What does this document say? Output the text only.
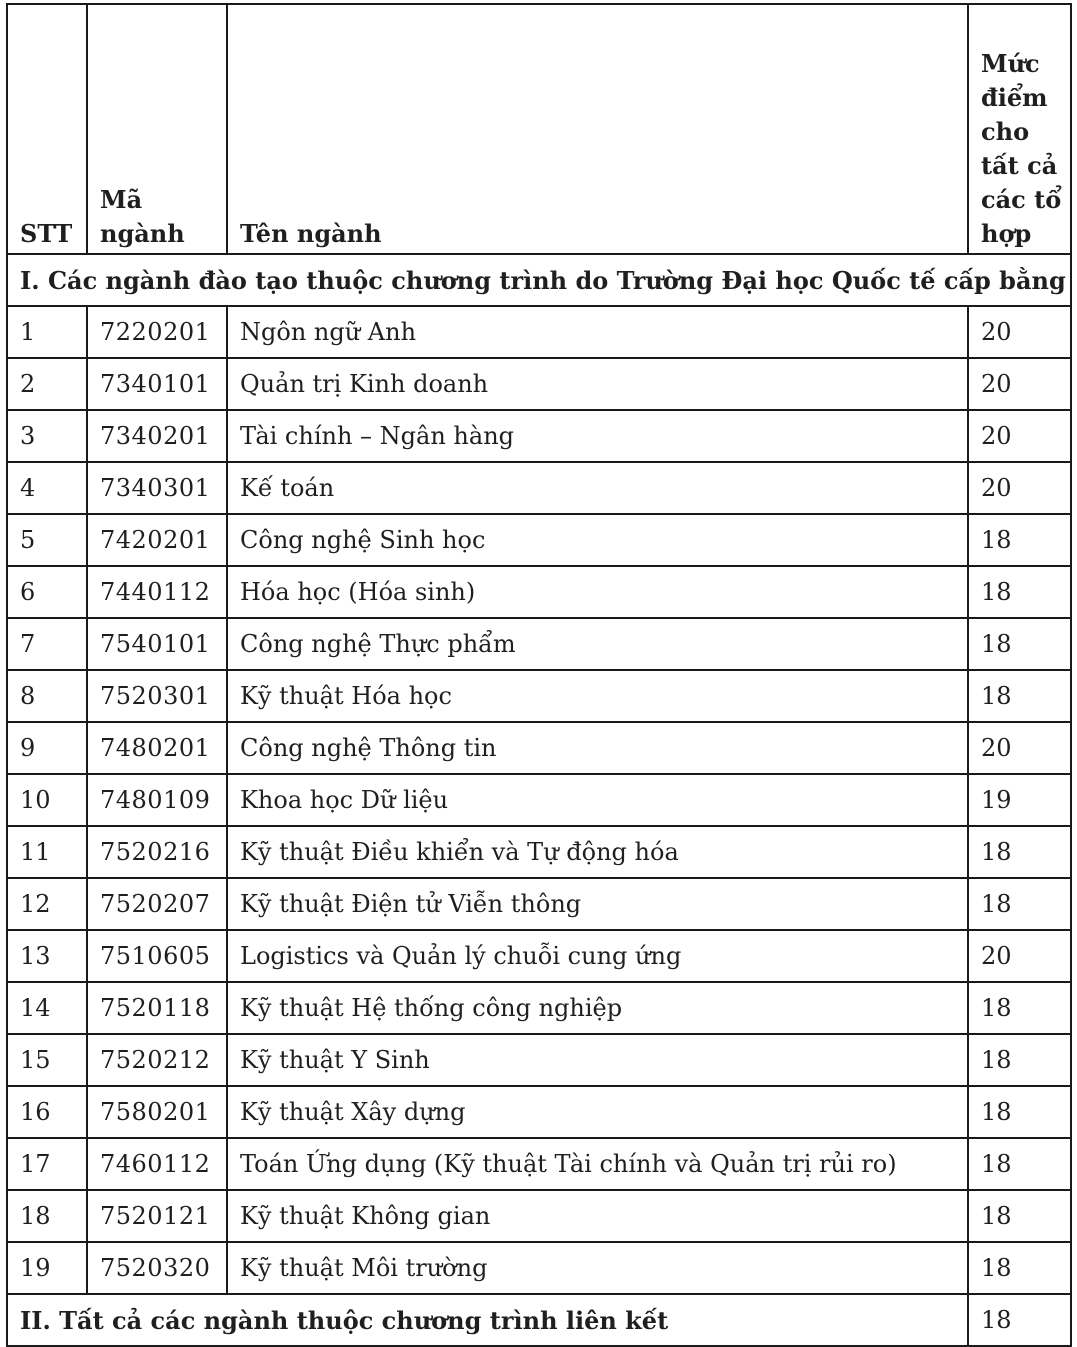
STT	Mã ngành	Tên ngành	Mức điểm cho tất cả các tổ hợp
I. Các ngành đào tạo thuộc chương trình do Trường Đại học Quốc tế cấp bằng			
1	7220201	Ngôn ngữ Anh	20
2	7340101	Quản trị Kinh doanh	20
3	7340201	Tài chính – Ngân hàng	20
4	7340301	Kế toán	20
5	7420201	Công nghệ Sinh học	18
6	7440112	Hóa học (Hóa sinh)	18
7	7540101	Công nghệ Thực phẩm	18
8	7520301	Kỹ thuật Hóa học	18
9	7480201	Công nghệ Thông tin	20
10	7480109	Khoa học Dữ liệu	19
11	7520216	Kỹ thuật Điều khiển và Tự động hóa	18
12	7520207	Kỹ thuật Điện tử Viễn thông	18
13	7510605	Logistics và Quản lý chuỗi cung ứng	20
14	7520118	Kỹ thuật Hệ thống công nghiệp	18
15	7520212	Kỹ thuật Y Sinh	18
16	7580201	Kỹ thuật Xây dựng	18
17	7460112	Toán Ứng dụng (Kỹ thuật Tài chính và Quản trị rủi ro)	18
18	7520121	Kỹ thuật Không gian	18
19	7520320	Kỹ thuật Môi trường	18
II. Tất cả các ngành thuộc chương trình liên kết			18
